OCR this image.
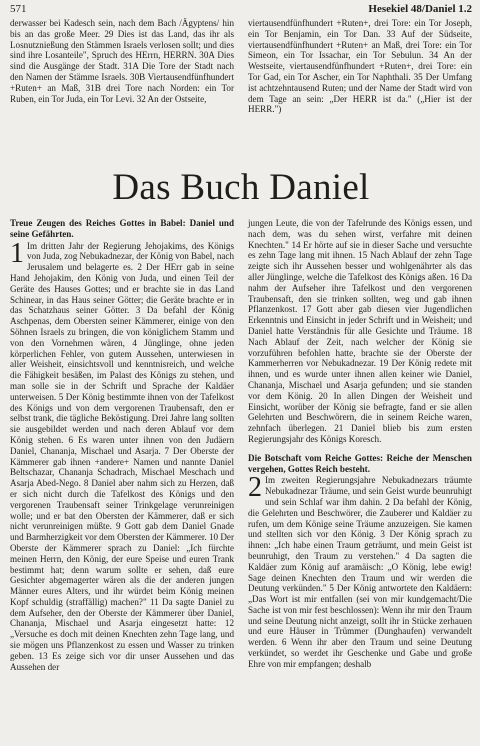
571	Hesekiel 48/Daniel 1.2

derwasser bei Kadesch sein, nach dem Bach /Ägyptens/ hin bis an das große Meer. 29 Dies ist das Land, das ihr als Losnutznießung den Stämmen Israels verlosen sollt; und dies sind ihre Losanteile", Spruch des HErrn, HERRN. 30A Dies sind die Ausgänge der Stadt. 31A Die Tore der Stadt nach den Namen der Stämme Israels. 30B Viertausendfünfhundert +Ruten+ an Maß, 31B drei Tore nach Norden: ein Tor Ruben, ein Tor Juda, ein Tor Levi. 32 An der Ostseite,

viertausendfünfhundert +Ruten+, drei Tore: ein Tor Joseph, ein Tor Benjamin, ein Tor Dan. 33 Auf der Südseite, viertausendfünfhundert +Ruten+ an Maß, drei Tore: ein Tor Simeon, ein Tor Issachar, ein Tor Sebulun. 34 An der Westseite, viertausendfünfhundert +Ruten+, drei Tore: ein Tor Gad, ein Tor Ascher, ein Tor Naphthali. 35 Der Umfang ist achtzehntausend Ruten; und der Name der Stadt wird von dem Tage an sein: „Der HERR ist da." („Hier ist der HERR.")

Das Buch Daniel

Treue Zeugen des Reiches Gottes in Babel: Daniel und seine Gefährten.

1 Im dritten Jahr der Regierung Jehojakims, des Königs von Juda, zog Nebukadnezar, der König von Babel, nach Jerusalem und belagerte es. 2 Der HErr gab in seine Hand Jehojakim, den König von Juda, und einen Teil der Geräte des Hauses Gottes; und er brachte sie in das Land Schinear, in das Haus seiner Götter; die Geräte brachte er in das Schatzhaus seiner Götter. 3 Da befahl der König Aschpenas, dem Obersten seiner Kämmerer, einige von den Söhnen Israels zu bringen, die von königlichem Stamm und von den Vornehmen wären, 4 Jünglinge, ohne jeden körperlichen Fehler, von gutem Aussehen, unterwiesen in aller Weisheit, einsichtsvoll und kenntnisreich, und welche die Fähigkeit besäßen, im Palast des Königs zu stehen, und man solle sie in der Schrift und Sprache der Kaldäer unterweisen. 5 Der König bestimmte ihnen von der Tafelkost des Königs und von dem vergorenen Traubensaft, den er selbst trank, die tägliche Beköstigung. Drei Jahre lang sollten sie ausgebildet werden und nach deren Ablauf vor dem König stehen. 6 Es waren unter ihnen von den Judäern Daniel, Chananja, Mischael und Asarja. 7 Der Oberste der Kämmerer gab ihnen +andere+ Namen und nannte Daniel Beltschazar, Chananja Schadrach, Mischael Meschach und Asarja Abed-Nego. 8 Daniel aber nahm sich zu Herzen, daß er sich nicht durch die Tafelkost des Königs und den vergorenen Traubensaft seiner Trinkgelage verunreinigen wolle; und er bat den Obersten der Kämmerer, daß er sich nicht verunreinigen müßte. 9 Gott gab dem Daniel Gnade und Barmherzigkeit vor dem Obersten der Kämmerer. 10 Der Oberste der Kämmerer sprach zu Daniel: „Ich fürchte meinen Herrn, den König, der eure Speise und euren Trank bestimmt hat; denn warum sollte er sehen, daß eure Gesichter abgemagerter wären als die der anderen jungen Männer eures Alters, und ihr würdet beim König meinen Kopf schuldig (straffällig) machen?" 11 Da sagte Daniel zu dem Aufseher, den der Oberste der Kämmerer über Daniel, Chananja, Mischael und Asarja eingesetzt hatte: 12 „Versuche es doch mit deinen Knechten zehn Tage lang, und sie mögen uns Pflanzenkost zu essen und Wasser zu trinken geben. 13 Es zeige sich vor dir unser Aussehen und das Aussehen der

jungen Leute, die von der Tafelrunde des Königs essen, und nach dem, was du sehen wirst, verfahre mit deinen Knechten." 14 Er hörte auf sie in dieser Sache und versuchte es zehn Tage lang mit ihnen. 15 Nach Ablauf der zehn Tage zeigte sich ihr Aussehen besser und wohlgenährter als das aller Jünglinge, welche die Tafelkost des Königs aßen. 16 Da nahm der Aufseher ihre Tafelkost und den vergorenen Traubensaft, den sie trinken sollten, weg und gab ihnen Pflanzenkost. 17 Gott aber gab diesen vier Jugendlichen Erkenntnis und Einsicht in jeder Schrift und in Weisheit; und Daniel hatte Verständnis für alle Gesichte und Träume. 18 Nach Ablauf der Zeit, nach welcher der König sie vorzuführen befohlen hatte, brachte sie der Oberste der Kammerherren vor Nebukadnezar. 19 Der König redete mit ihnen, und es wurde unter ihnen allen keiner wie Daniel, Chananja, Mischael und Asarja gefunden; und sie standen vor dem König. 20 In allen Dingen der Weisheit und Einsicht, worüber der König sie befragte, fand er sie allen Gelehrten und Beschwörern, die in seinem Reiche waren, zehnfach überlegen. 21 Daniel blieb bis zum ersten Regierungsjahr des Königs Koresch.

Die Botschaft vom Reiche Gottes: Reiche der Menschen vergehen, Gottes Reich besteht.

2 Im zweiten Regierungsjahre Nebukadnezars träumte Nebukadnezar Träume, und sein Geist wurde beunruhigt und sein Schlaf war ihm dahin. 2 Da befahl der König, die Gelehrten und Beschwörer, die Zauberer und Kaldäer zu rufen, um dem Könige seine Träume anzuzeigen. Sie kamen und stellten sich vor den König. 3 Der König sprach zu ihnen: „Ich habe einen Traum geträumt, und mein Geist ist beunruhigt, den Traum zu verstehen." 4 Da sagten die Kaldäer zum König auf aramäisch: „O König, lebe ewig! Sage deinen Knechten den Traum und wir werden die Deutung verkünden." 5 Der König antwortete den Kaldäern: „Das Wort ist mir entfallen (sei von mir kundgemacht/Die Sache ist von mir fest beschlossen): Wenn ihr mir den Traum und seine Deutung nicht anzeigt, sollt ihr in Stücke zerhauen und eure Häuser in Trümmer (Dunghaufen) verwandelt werden. 6 Wenn ihr aber den Traum und seine Deutung verkündet, so werdet ihr Geschenke und Gabe und große Ehre von mir empfangen; deshalb
